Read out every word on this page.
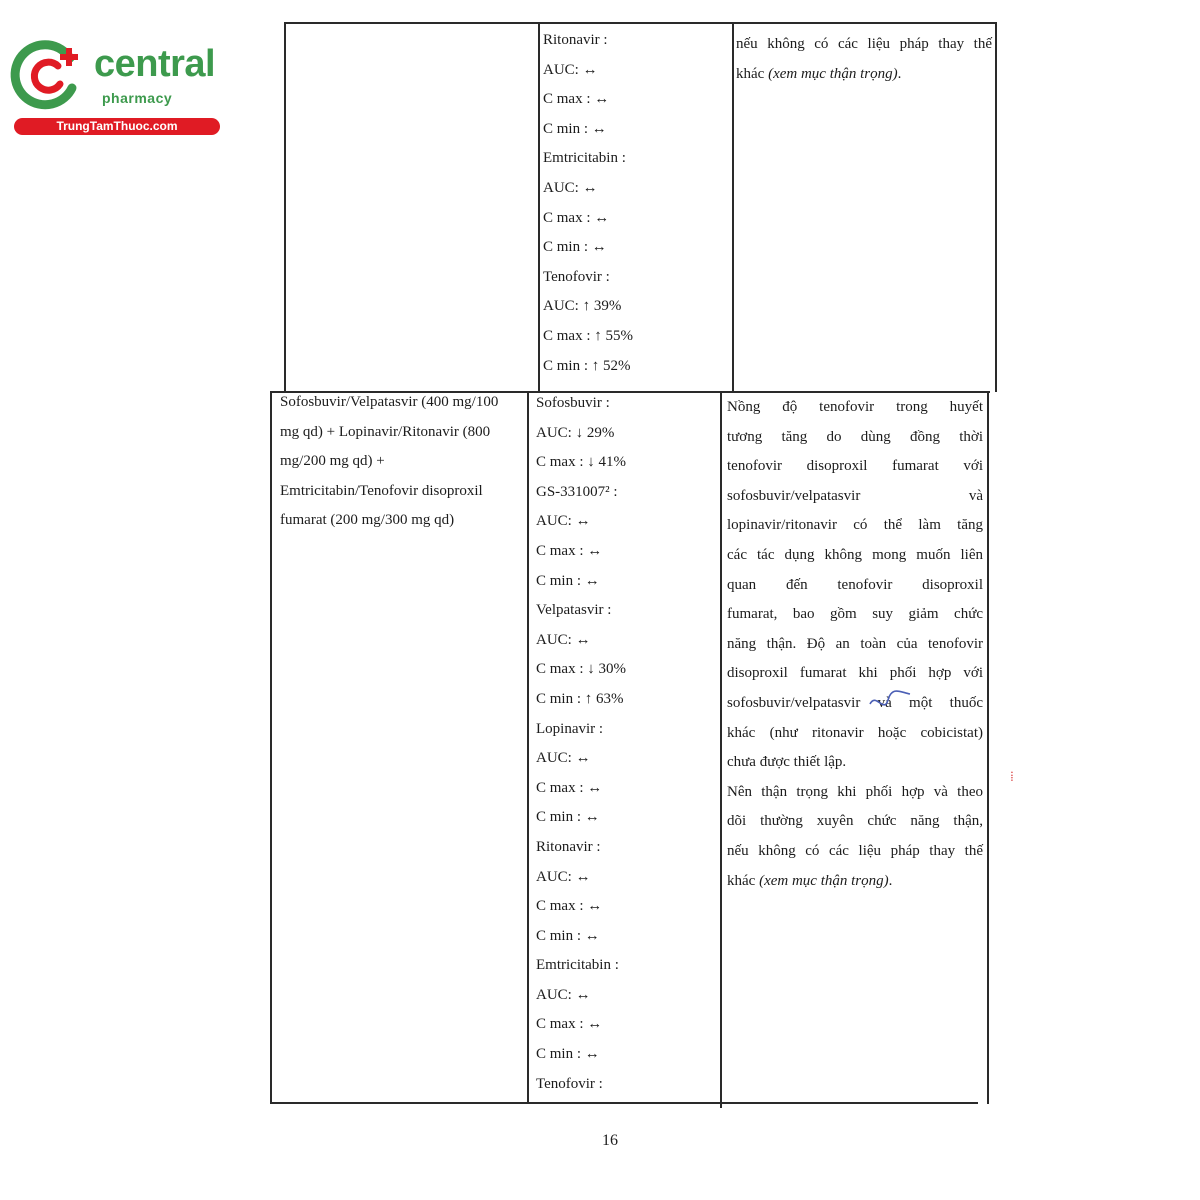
central
pharmacy
TrungTamThuoc.com
Ritonavir :
AUC: ↔
C max : ↔
C min : ↔
Emtricitabin :
AUC: ↔
C max : ↔
C min : ↔
Tenofovir :
AUC: ↑ 39%
C max : ↑ 55%
C min : ↑ 52%
nếu không có các liệu pháp thay thế
khác (xem mục thận trọng).
Sofosbuvir/Velpatasvir (400 mg/100
mg qd) + Lopinavir/Ritonavir (800
mg/200 mg qd) +
Emtricitabin/Tenofovir disoproxil
fumarat (200 mg/300 mg qd)
Sofosbuvir :
AUC: ↓ 29%
C max : ↓ 41%
GS-331007² :
AUC: ↔
C max : ↔
C min : ↔
Velpatasvir :
AUC: ↔
C max : ↓ 30%
C min : ↑ 63%
Lopinavir :
AUC: ↔
C max : ↔
C min : ↔
Ritonavir :
AUC: ↔
C max : ↔
C min : ↔
Emtricitabin :
AUC: ↔
C max : ↔
C min : ↔
Tenofovir :
Nồng độ tenofovir trong huyết
tương tăng do dùng đồng thời
tenofovir disoproxil fumarat với
sofosbuvir/velpatasvir và
lopinavir/ritonavir có thể làm tăng
các tác dụng không mong muốn liên
quan đến tenofovir disoproxil
fumarat, bao gồm suy giảm chức
năng thận. Độ an toàn của tenofovir
disoproxil fumarat khi phối hợp với
sofosbuvir/velpatasvir và một thuốc
khác (như ritonavir hoặc cobicistat)
chưa được thiết lập.
Nên thận trọng khi phối hợp và theo
dõi thường xuyên chức năng thận,
nếu không có các liệu pháp thay thế
khác (xem mục thận trọng).
⁞
16
